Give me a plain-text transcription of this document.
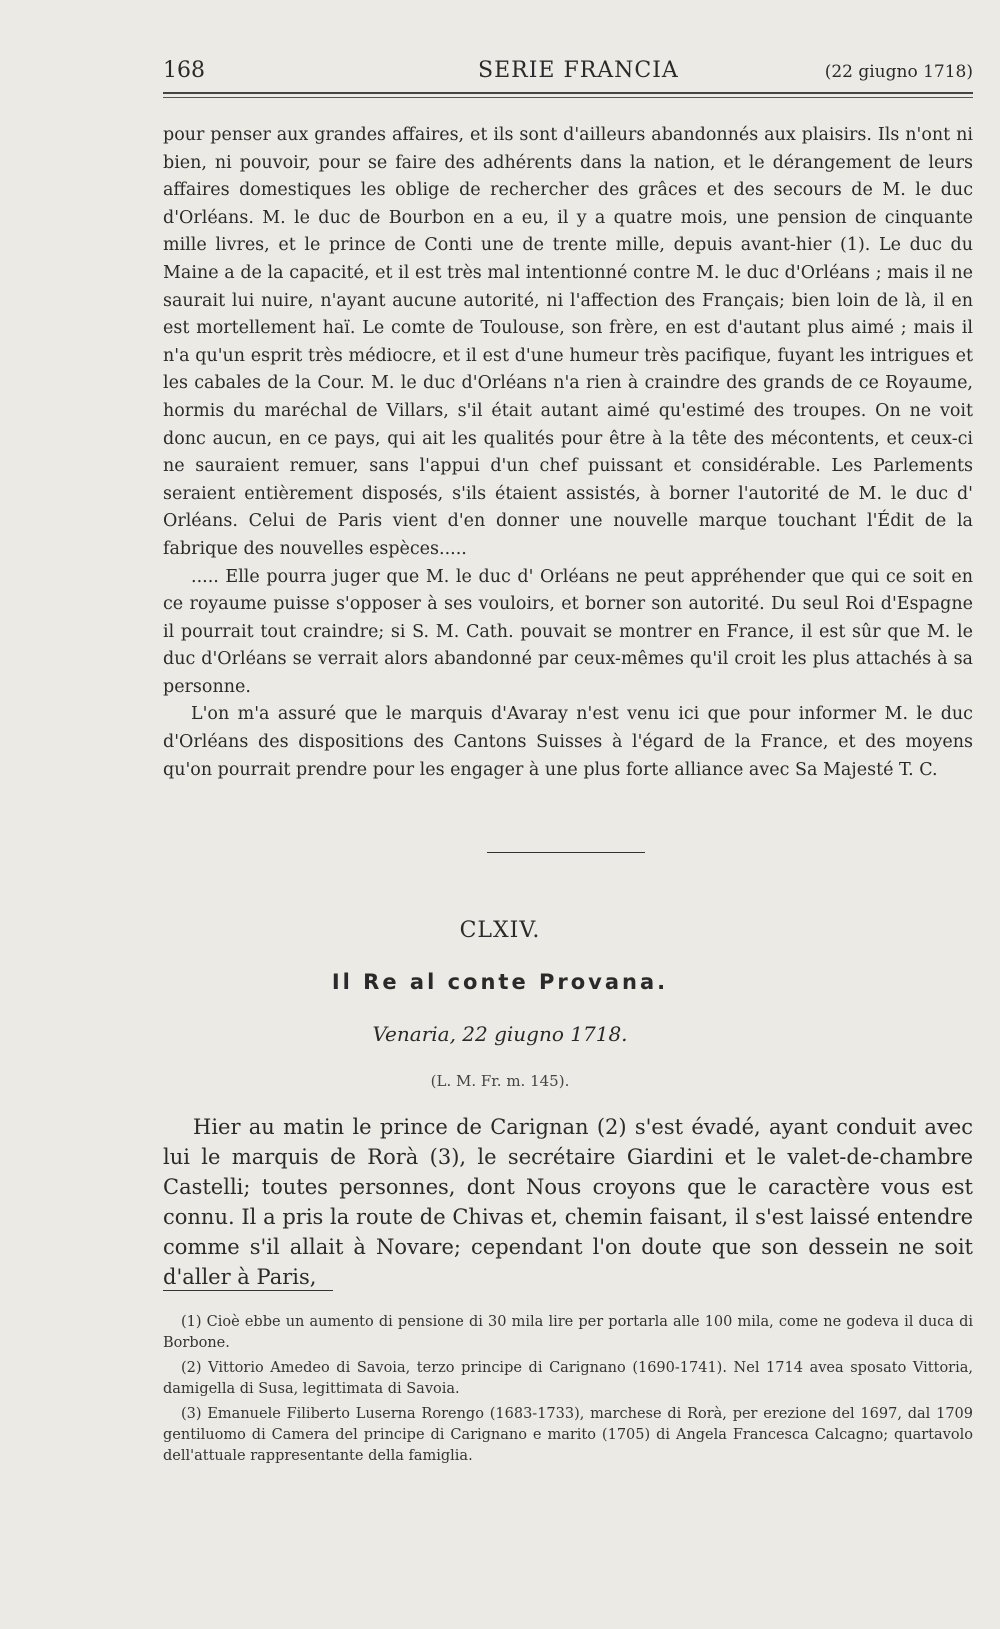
168	SERIE FRANCIA	(22 giugno 1718)

pour penser aux grandes affaires, et ils sont d'ailleurs abandonnés aux plaisirs. Ils n'ont ni bien, ni pouvoir, pour se faire des adhérents dans la nation, et le dérangement de leurs affaires domestiques les oblige de rechercher des grâces et des secours de M. le duc d'Orléans. M. le duc de Bourbon en a eu, il y a quatre mois, une pension de cinquante mille livres, et le prince de Conti une de trente mille, depuis avant-hier (1). Le duc du Maine a de la capacité, et il est très mal intentionné contre M. le duc d'Orléans ; mais il ne saurait lui nuire, n'ayant aucune autorité, ni l'affection des Français; bien loin de là, il en est mortellement haï. Le comte de Toulouse, son frère, en est d'autant plus aimé ; mais il n'a qu'un esprit très médiocre, et il est d'une humeur très pacifique, fuyant les intrigues et les cabales de la Cour. M. le duc d'Orléans n'a rien à craindre des grands de ce Royaume, hormis du maréchal de Villars, s'il était autant aimé qu'estimé des troupes. On ne voit donc aucun, en ce pays, qui ait les qualités pour être à la tête des mécontents, et ceux-ci ne sauraient remuer, sans l'appui d'un chef puissant et considérable. Les Parlements seraient entièrement disposés, s'ils étaient assistés, à borner l'autorité de M. le duc d' Orléans. Celui de Paris vient d'en donner une nouvelle marque touchant l'Édit de la fabrique des nouvelles espèces.....

..... Elle pourra juger que M. le duc d' Orléans ne peut appréhender que qui ce soit en ce royaume puisse s'opposer à ses vouloirs, et borner son autorité. Du seul Roi d'Espagne il pourrait tout craindre; si S. M. Cath. pouvait se montrer en France, il est sûr que M. le duc d'Orléans se verrait alors abandonné par ceux-mêmes qu'il croit les plus attachés à sa personne.

L'on m'a assuré que le marquis d'Avaray n'est venu ici que pour informer M. le duc d'Orléans des dispositions des Cantons Suisses à l'égard de la France, et des moyens qu'on pourrait prendre pour les engager à une plus forte alliance avec Sa Majesté T. C.

CLXIV.
Il Re al conte Provana.
Venaria, 22 giugno 1718.
(L. M. Fr. m. 145).

Hier au matin le prince de Carignan (2) s'est évadé, ayant conduit avec lui le marquis de Rorà (3), le secrétaire Giardini et le valet-de-chambre Castelli; toutes personnes, dont Nous croyons que le caractère vous est connu. Il a pris la route de Chivas et, chemin faisant, il s'est laissé entendre comme s'il allait à Novare; cependant l'on doute que son dessein ne soit d'aller à Paris,

(1) Cioè ebbe un aumento di pensione di 30 mila lire per portarla alle 100 mila, come ne godeva il duca di Borbone.

(2) Vittorio Amedeo di Savoia, terzo principe di Carignano (1690-1741). Nel 1714 avea sposato Vittoria, damigella di Susa, legittimata di Savoia.

(3) Emanuele Filiberto Luserna Rorengo (1683-1733), marchese di Rorà, per erezione del 1697, dal 1709 gentiluomo di Camera del principe di Carignano e marito (1705) di Angela Francesca Calcagno; quartavolo dell'attuale rappresentante della famiglia.
